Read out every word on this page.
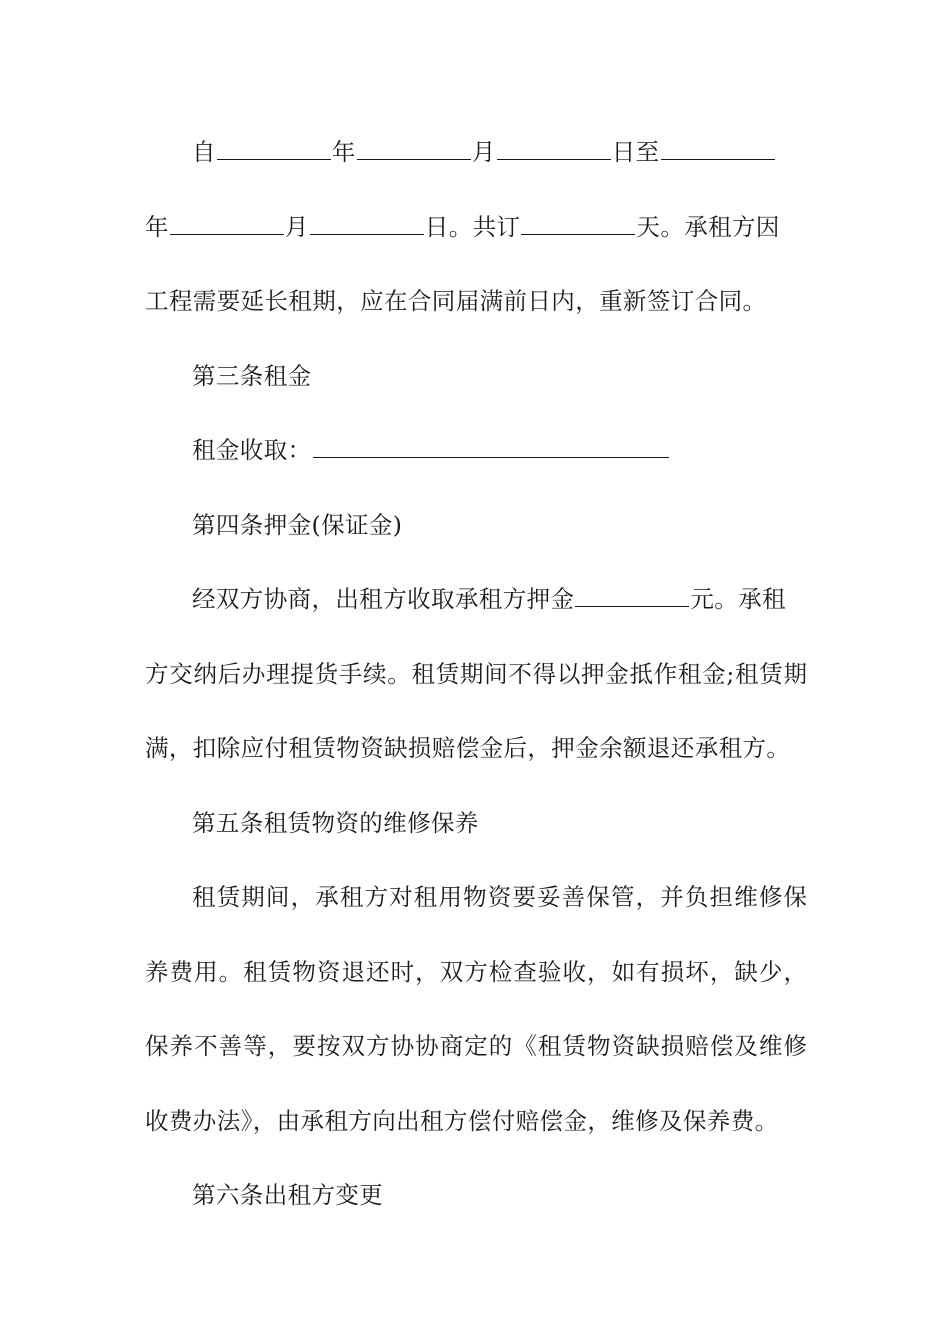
自	年	月	日至
年	月	日。共订	天。承租方因
工程需要延长租期，应在合同届满前日内，重新签订合同。
第三条租金
租金收取：
第四条押金(保证金)
经双方协商，出租方收取承租方押金	元。承租
方交纳后办理提货手续。租赁期间不得以押金抵作租金;租赁期
满，扣除应付租赁物资缺损赔偿金后，押金余额退还承租方。
第五条租赁物资的维修保养
租赁期间，承租方对租用物资要妥善保管，并负担维修保
养费用。租赁物资退还时，双方检查验收，如有损坏，缺少，
保养不善等，要按双方协协商定的《租赁物资缺损赔偿及维修
收费办法》，由承租方向出租方偿付赔偿金，维修及保养费。
第六条出租方变更
